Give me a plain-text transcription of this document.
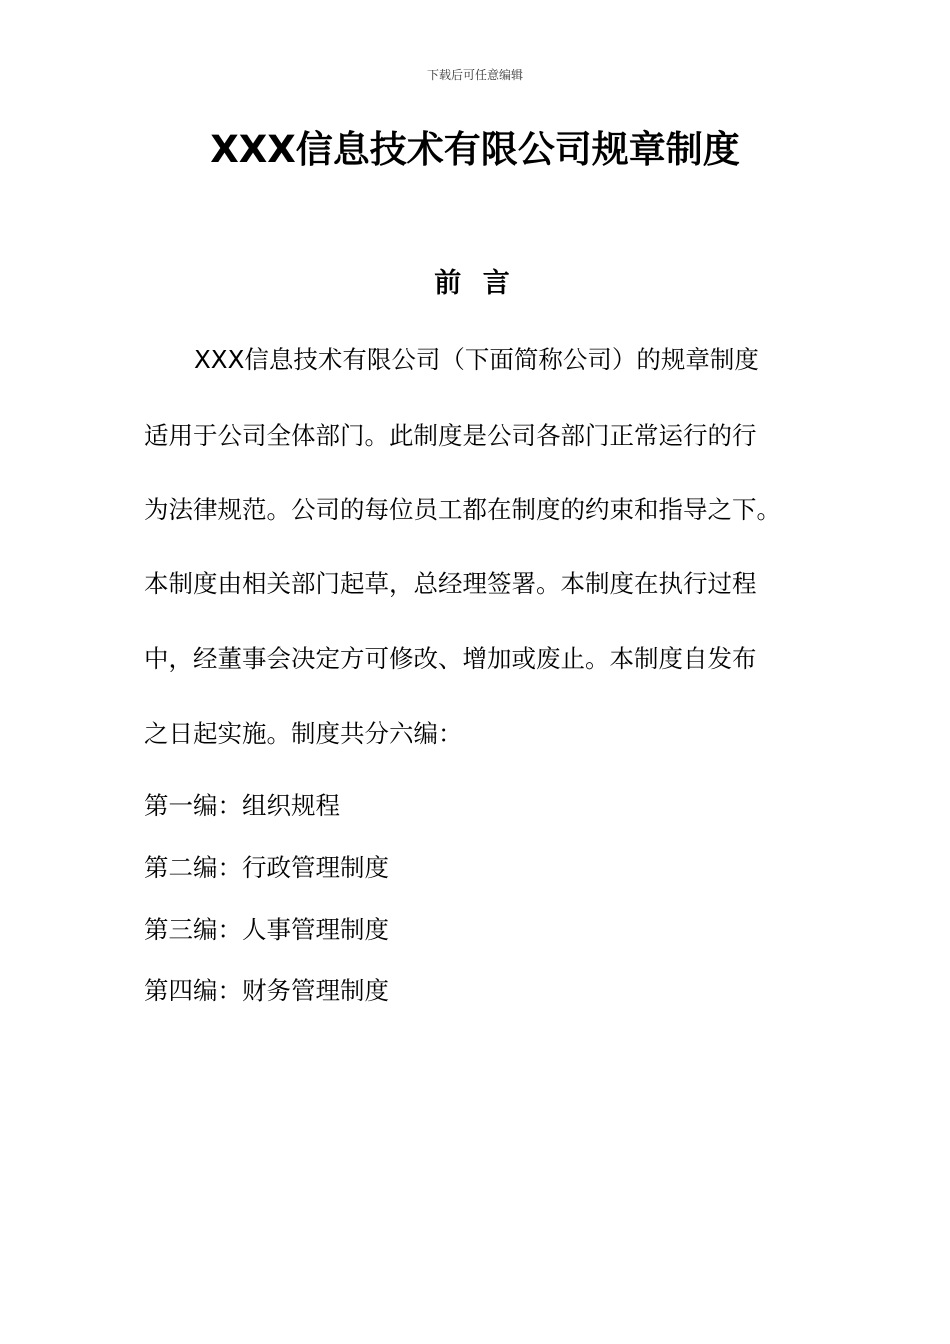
下载后可任意编辑
XXX信息技术有限公司规章制度
前 言
XXX信息技术有限公司（下面简称公司）的规章制度
适用于公司全体部门。此制度是公司各部门正常运行的行
为法律规范。公司的每位员工都在制度的约束和指导之下。
本制度由相关部门起草，总经理签署。本制度在执行过程
中，经董事会决定方可修改、增加或废止。本制度自发布
之日起实施。制度共分六编：
第一编：组织规程
第二编：行政管理制度
第三编：人事管理制度
第四编：财务管理制度
